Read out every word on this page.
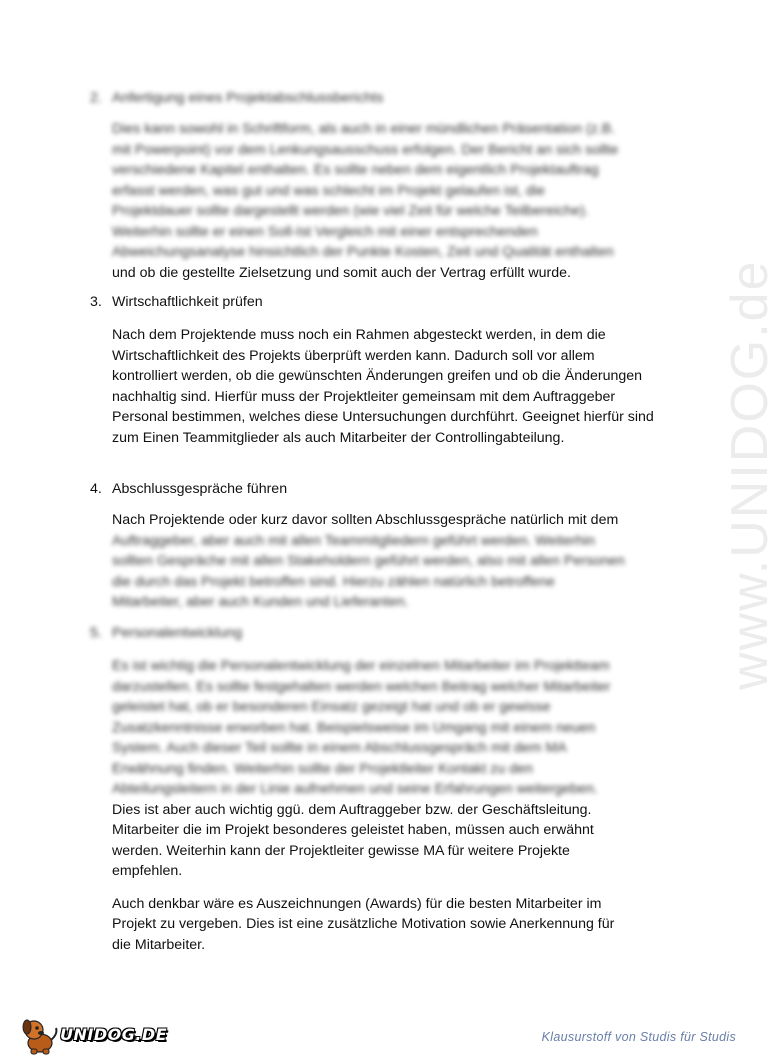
www.UNIDOG.de
2. Anfertigung eines Projektabschlussberichts
Dies kann sowohl in Schriftform, als auch in einer mündlichen Präsentation (z.B.
mit Powerpoint) vor dem Lenkungsausschuss erfolgen. Der Bericht an sich sollte
verschiedene Kapitel enthalten. Es sollte neben dem eigentlich Projektauftrag
erfasst werden, was gut und was schlecht im Projekt gelaufen ist, die
Projektdauer sollte dargestellt werden (wie viel Zeit für welche Teilbereiche).
Weiterhin sollte er einen Soll-Ist Vergleich mit einer entsprechenden
Abweichungsanalyse hinsichtlich der Punkte Kosten, Zeit und Qualität enthalten
und ob die gestellte Zielsetzung und somit auch der Vertrag erfüllt wurde.
3. Wirtschaftlichkeit prüfen
Nach dem Projektende muss noch ein Rahmen abgesteckt werden, in dem die Wirtschaftlichkeit des Projekts überprüft werden kann. Dadurch soll vor allem kontrolliert werden, ob die gewünschten Änderungen greifen und ob die Änderungen nachhaltig sind. Hierfür muss der Projektleiter gemeinsam mit dem Auftraggeber Personal bestimmen, welches diese Untersuchungen durchführt. Geeignet hierfür sind zum Einen Teammitglieder als auch Mitarbeiter der Controllingabteilung.
4. Abschlussgespräche führen
Nach Projektende oder kurz davor sollten Abschlussgespräche natürlich mit dem
Auftraggeber, aber auch mit allen Teammitgliedern geführt werden. Weiterhin
sollten Gespräche mit allen Stakeholdern geführt werden, also mit allen Personen
die durch das Projekt betroffen sind. Hierzu zählen natürlich betroffene
Mitarbeiter, aber auch Kunden und Lieferanten.
5. Personalentwicklung
Es ist wichtig die Personalentwicklung der einzelnen Mitarbeiter im Projektteam
darzustellen. Es sollte festgehalten werden welchen Beitrag welcher Mitarbeiter
geleistet hat, ob er besonderen Einsatz gezeigt hat und ob er gewisse
Zusatzkenntnisse erworben hat. Beispielsweise im Umgang mit einem neuen
System. Auch dieser Teil sollte in einem Abschlussgespräch mit dem MA
Erwähnung finden. Weiterhin sollte der Projektleiter Kontakt zu den
Abteilungsleitern in der Linie aufnehmen und seine Erfahrungen weitergeben.
Dies ist aber auch wichtig ggü. dem Auftraggeber bzw. der Geschäftsleitung.
Mitarbeiter die im Projekt besonderes geleistet haben, müssen auch erwähnt
werden. Weiterhin kann der Projektleiter gewisse MA für weitere Projekte
empfehlen.
Auch denkbar wäre es Auszeichnungen (Awards) für die besten Mitarbeiter im
Projekt zu vergeben. Dies ist eine zusätzliche Motivation sowie Anerkennung für
die Mitarbeiter.
UNIDOG.DE	Klausurstoff von Studis für Studis
